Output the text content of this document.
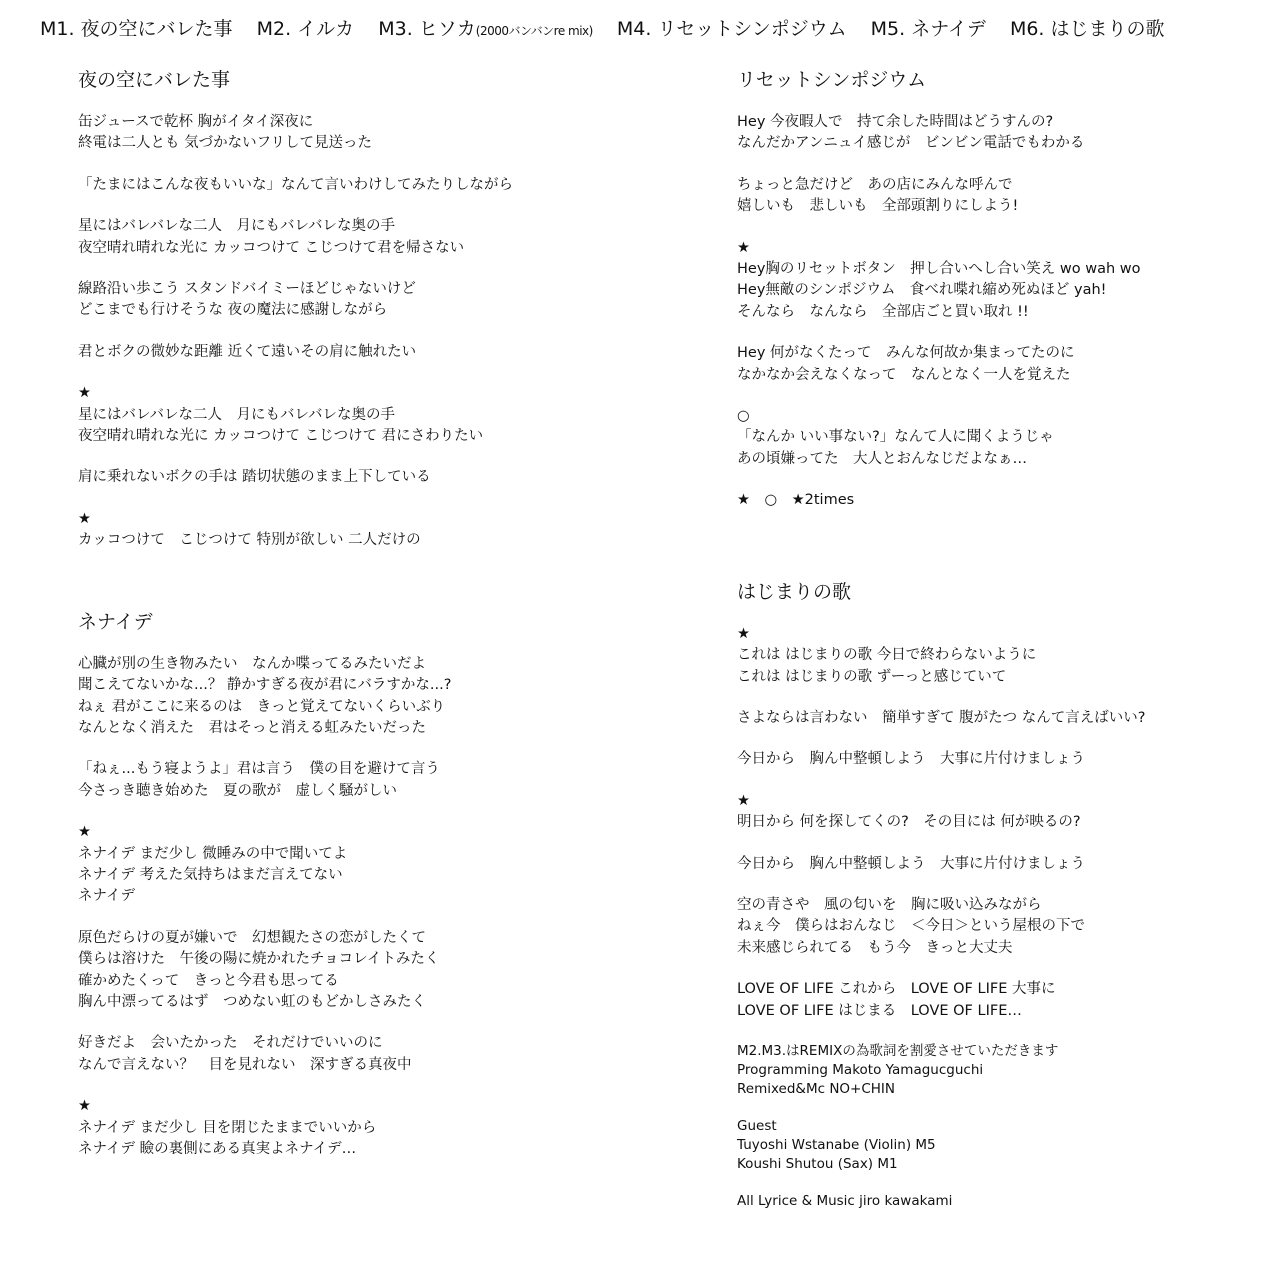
M1. 夜の空にバレた事 M2. イルカ M3. ヒソカ(2000バンバンre mix) M4. リセットシンポジウム M5. ネナイデ M6. はじまりの歌
夜の空にバレた事
缶ジュースで乾杯 胸がイタイ深夜に
終電は二人とも 気づかないフリして見送った
「たまにはこんな夜もいいな」なんて言いわけしてみたりしながら
星にはバレバレな二人　月にもバレバレな奥の手
夜空晴れ晴れな光に カッコつけて こじつけて君を帰さない
線路沿い歩こう スタンドバイミーほどじゃないけど
どこまでも行けそうな 夜の魔法に感謝しながら
君とボクの微妙な距離 近くて遠いその肩に触れたい
★
星にはバレバレな二人　月にもバレバレな奥の手
夜空晴れ晴れな光に カッコつけて こじつけて 君にさわりたい
肩に乗れないボクの手は 踏切状態のまま上下している
★
カッコつけて　こじつけて 特別が欲しい 二人だけの
ネナイデ
心臓が別の生き物みたい　なんか喋ってるみたいだよ
聞こえてないかな...？ 静かすぎる夜が君にバラすかな...?
ねぇ 君がここに来るのは　きっと覚えてないくらいぶり
なんとなく消えた　君はそっと消える虹みたいだった
「ねぇ...もう寝ようよ」君は言う　僕の目を避けて言う
今さっき聴き始めた　夏の歌が　虚しく騒がしい
★
ネナイデ まだ少し 微睡みの中で聞いてよ
ネナイデ 考えた気持ちはまだ言えてない
ネナイデ
原色だらけの夏が嫌いで　幻想観たさの恋がしたくて
僕らは溶けた　午後の陽に焼かれたチョコレイトみたく
確かめたくって　きっと今君も思ってる
胸ん中漂ってるはず　つめない虹のもどかしさみたく
好きだよ　会いたかった　それだけでいいのに
なんで言えない？　目を見れない　深すぎる真夜中
★
ネナイデ まだ少し 目を閉じたままでいいから
ネナイデ 瞼の裏側にある真実よネナイデ…
リセットシンポジウム
Hey 今夜暇人で　持て余した時間はどうすんの?
なんだかアンニュイ感じが　ビンビン電話でもわかる
ちょっと急だけど　あの店にみんな呼んで
嬉しいも　悲しいも　全部頭割りにしよう!
★
Hey胸のリセットボタン　押し合いへし合い笑え wo wah wo
Hey無敵のシンポジウム　食べれ喋れ縮め死ぬほど yah!
そんなら　なんなら　全部店ごと買い取れ !!
Hey 何がなくたって　みんな何故か集まってたのに
なかなか会えなくなって　なんとなく一人を覚えた
○
「なんか いい事ない?」なんて人に聞くようじゃ
あの頃嫌ってた　大人とおんなじだよなぁ…
★　○　★2times
はじまりの歌
★
これは はじまりの歌 今日で終わらないように
これは はじまりの歌 ずーっと感じていて
さよならは言わない　簡単すぎて 腹がたつ なんて言えばいい?
今日から　胸ん中整頓しよう　大事に片付けましょう
★
明日から 何を探してくの?　その目には 何が映るの?
今日から　胸ん中整頓しよう　大事に片付けましょう
空の青さや　風の匂いを　胸に吸い込みながら
ねぇ今　僕らはおんなじ　＜今日＞という屋根の下で
未来感じられてる　もう今　きっと大丈夫
LOVE OF LIFE これから　LOVE OF LIFE 大事に
LOVE OF LIFE はじまる　LOVE OF LIFE…
M2.M3.はREMIXの為歌詞を割愛させていただきます
Programming Makoto Yamagucguchi
Remixed&Mc NO+CHIN
Guest
Tuyoshi Wstanabe (Violin) M5
Koushi Shutou (Sax) M1
All Lyrice & Music jiro kawakami
